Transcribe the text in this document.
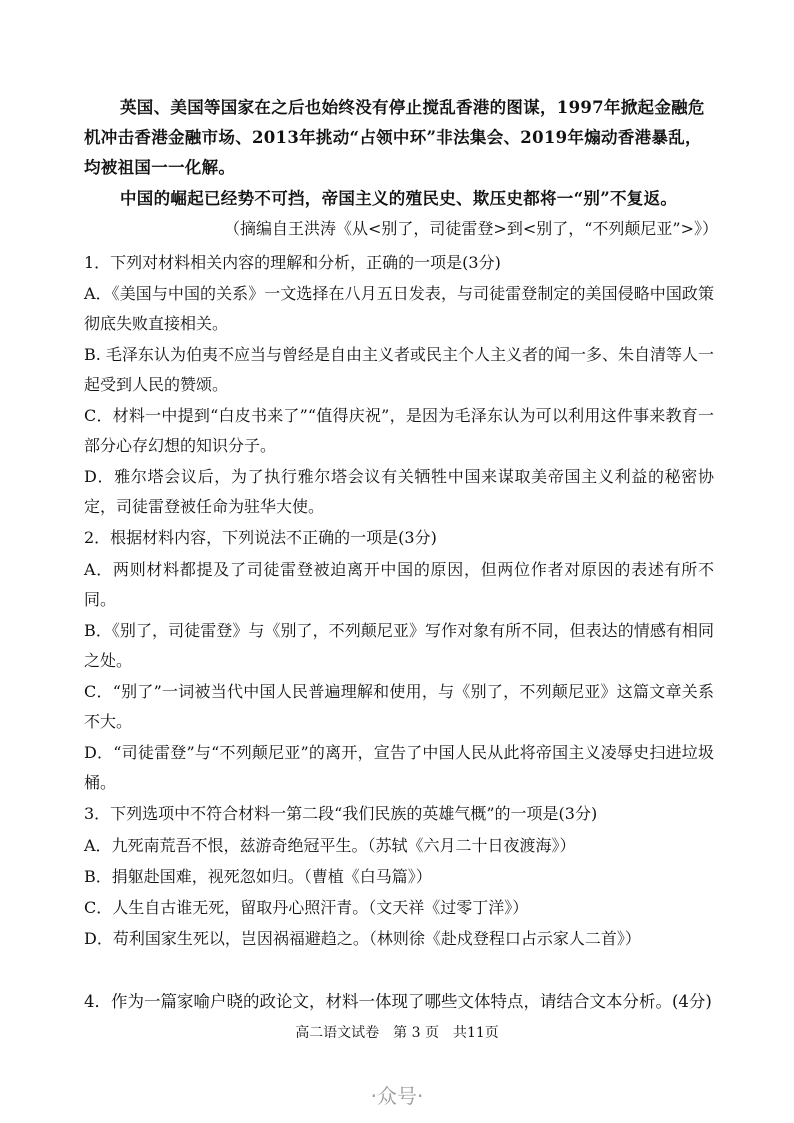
英国、美国等国家在之后也始终没有停止搅乱香港的图谋，1997年掀起金融危机冲击香港金融市场、2013年挑动“占领中环”非法集会、2019年煽动香港暴乱，均被祖国一一化解。
中国的崛起已经势不可挡，帝国主义的殖民史、欺压史都将一“别”不复返。
（摘编自王洪涛《从<别了，司徒雷登>到<别了，“不列颠尼亚”>》）
1．下列对材料相关内容的理解和分析，正确的一项是(3分)
A．《美国与中国的关系》一文选择在八月五日发表，与司徒雷登制定的美国侵略中国政策彻底失败直接相关。
B. 毛泽东认为伯夷不应当与曾经是自由主义者或民主个人主义者的闻一多、朱自清等人一起受到人民的赞颂。
C．材料一中提到“白皮书来了”“值得庆祝”，是因为毛泽东认为可以利用这件事来教育一部分心存幻想的知识分子。
D．雅尔塔会议后，为了执行雅尔塔会议有关牺牲中国来谋取美帝国主义利益的秘密协定，司徒雷登被任命为驻华大使。
2．根据材料内容，下列说法不正确的一项是(3分)
A．两则材料都提及了司徒雷登被迫离开中国的原因，但两位作者对原因的表述有所不同。
B．《别了，司徒雷登》与《别了，不列颠尼亚》写作对象有所不同，但表达的情感有相同之处。
C．“别了”一词被当代中国人民普遍理解和使用，与《别了，不列颠尼亚》这篇文章关系不大。
D．“司徒雷登”与“不列颠尼亚”的离开，宣告了中国人民从此将帝国主义凌辱史扫进垃圾桶。
3．下列选项中不符合材料一第二段“我们民族的英雄气概”的一项是(3分)
A．九死南荒吾不恨，兹游奇绝冠平生。（苏轼《六月二十日夜渡海》）
B．捐躯赴国难，视死忽如归。（曹植《白马篇》）
C．人生自古谁无死，留取丹心照汗青。（文天祥《过零丁洋》）
D．苟利国家生死以，岂因祸福避趋之。（林则徐《赴戍登程口占示家人二首》）
4．作为一篇家喻户晓的政论文，材料一体现了哪些文体特点，请结合文本分析。(4分)
高二语文试卷　第 3 页　共11页
·众号·
